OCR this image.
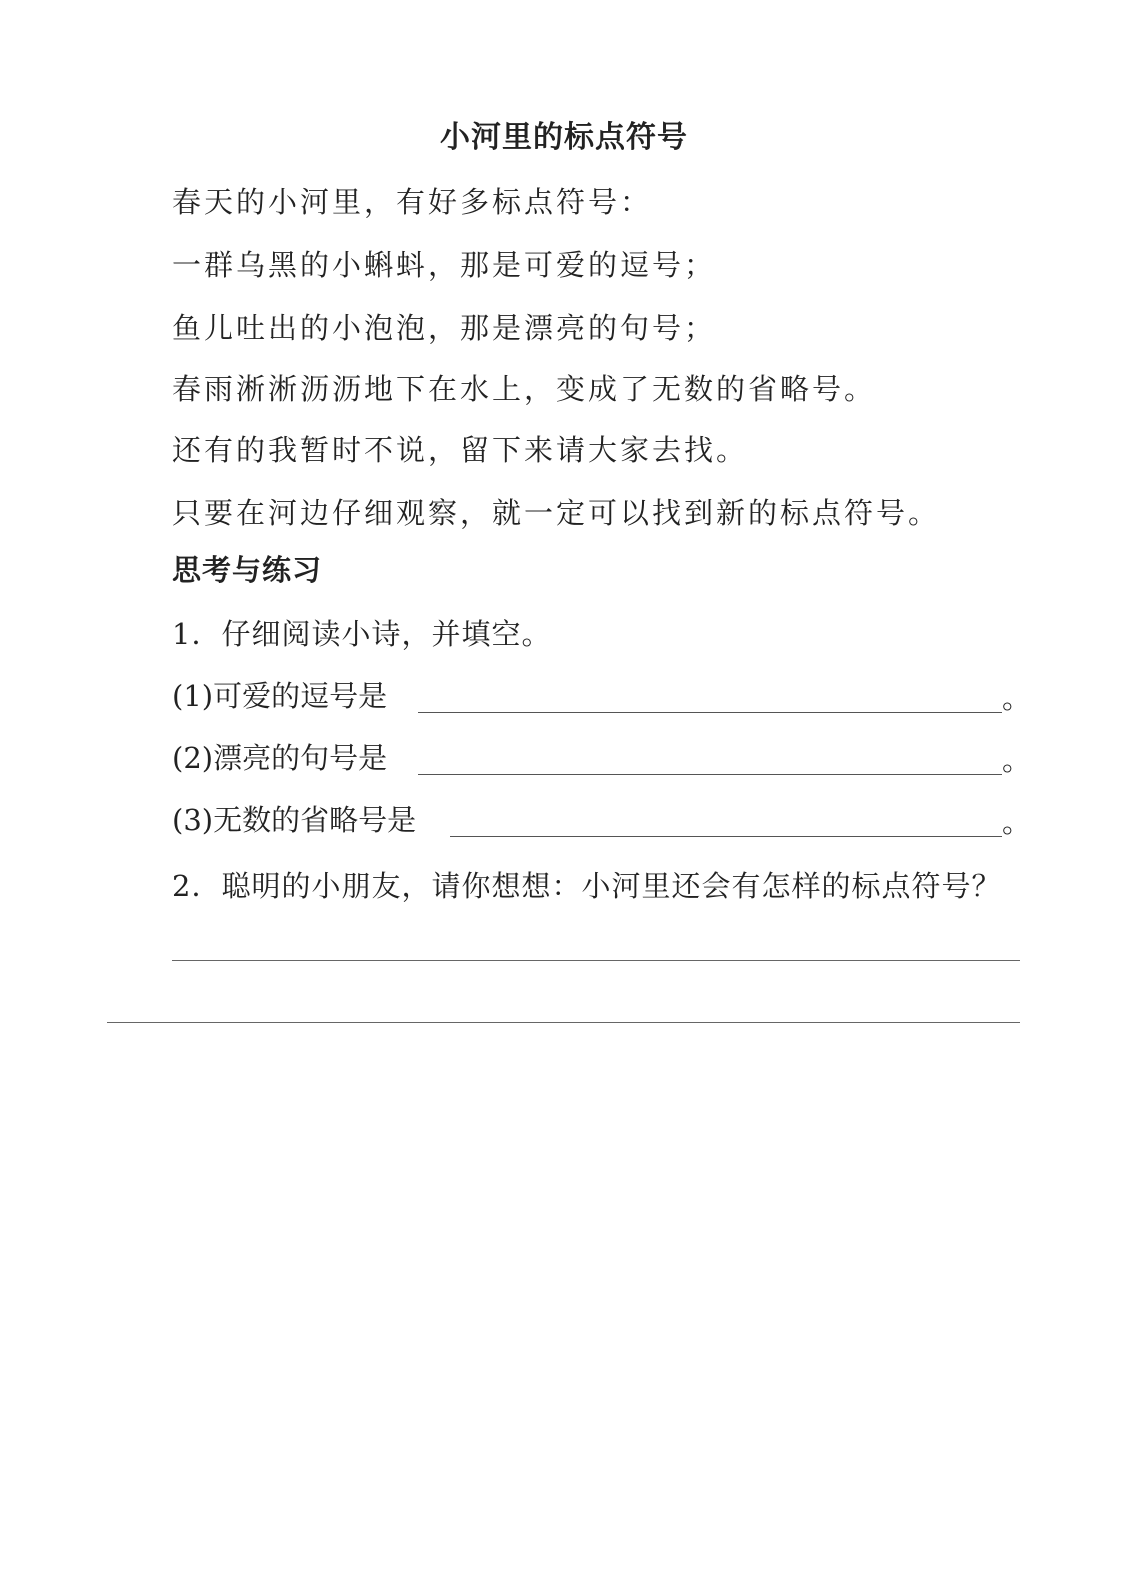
小河里的标点符号
春天的小河里，有好多标点符号：
一群乌黑的小蝌蚪，那是可爱的逗号；
鱼儿吐出的小泡泡，那是漂亮的句号；
春雨淅淅沥沥地下在水上，变成了无数的省略号。
还有的我暂时不说，留下来请大家去找。
只要在河边仔细观察，就一定可以找到新的标点符号。
思考与练习
1．仔细阅读小诗，并填空。
(1)可爱的逗号是	。
(2)漂亮的句号是	。
(3)无数的省略号是	。
2．聪明的小朋友，请你想想：小河里还会有怎样的标点符号？
